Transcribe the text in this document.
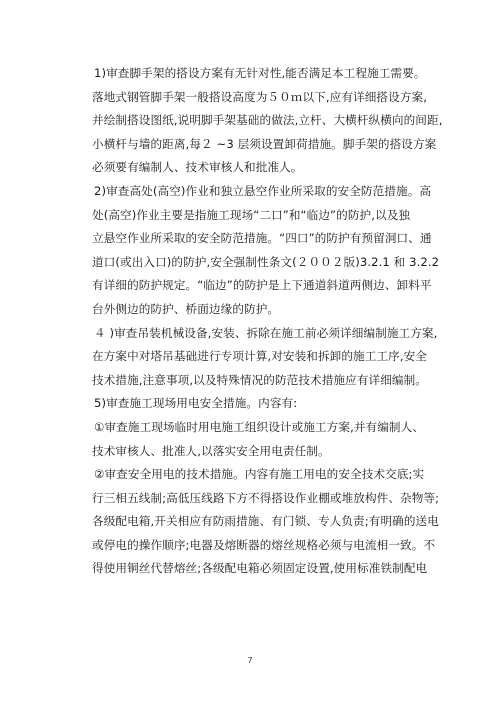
1)审查脚手架的搭设方案有无针对性,能否满足本工程施工需要。
落地式钢管脚手架一般搭设高度为５０ｍ以下,应有详细搭设方案,
并绘制搭设图纸,说明脚手架基础的做法,立杆、大横杆纵横向的间距,
小横杆与墙的距离,每２ ~3 层须设置卸荷措施。脚手架的搭设方案
必须要有编制人、技术审核人和批准人。
2)审查高处(高空)作业和独立悬空作业所采取的安全防范措施。高
处(高空)作业主要是指施工现场“二口”和“临边”的防护,以及独
立悬空作业所采取的安全防范措施。“四口”的防护有预留洞口、通
道口(或出入口)的防护,安全强制性条文(２００２版)3.2.1 和 3.2.2
有详细的防护规定。“临边”的防护是上下通道斜道两侧边、卸料平
台外侧边的防护、桥面边缘的防护。
４ )审查吊装机械设备,安装、拆除在施工前必须详细编制施工方案,
在方案中对塔吊基础进行专项计算,对安装和拆卸的施工工序,安全
技术措施,注意事项,以及特殊情况的防范技术措施应有详细编制。
5)审查施工现场用电安全措施。内容有:
①审查施工现场临时用电施工组织设计或施工方案,并有编制人、
技术审核人、批准人,以落实安全用电责任制。
②审查安全用电的技术措施。内容有施工用电的安全技术交底;实
行三相五线制;高低压线路下方不得搭设作业棚或堆放构件、杂物等;
各级配电箱,开关相应有防雨措施、有门锁、专人负责;有明确的送电
或停电的操作顺序;电器及熔断器的熔丝规格必须与电流相一致。不
得使用铜丝代替熔丝;各级配电箱必须固定设置,使用标准铁制配电
7
